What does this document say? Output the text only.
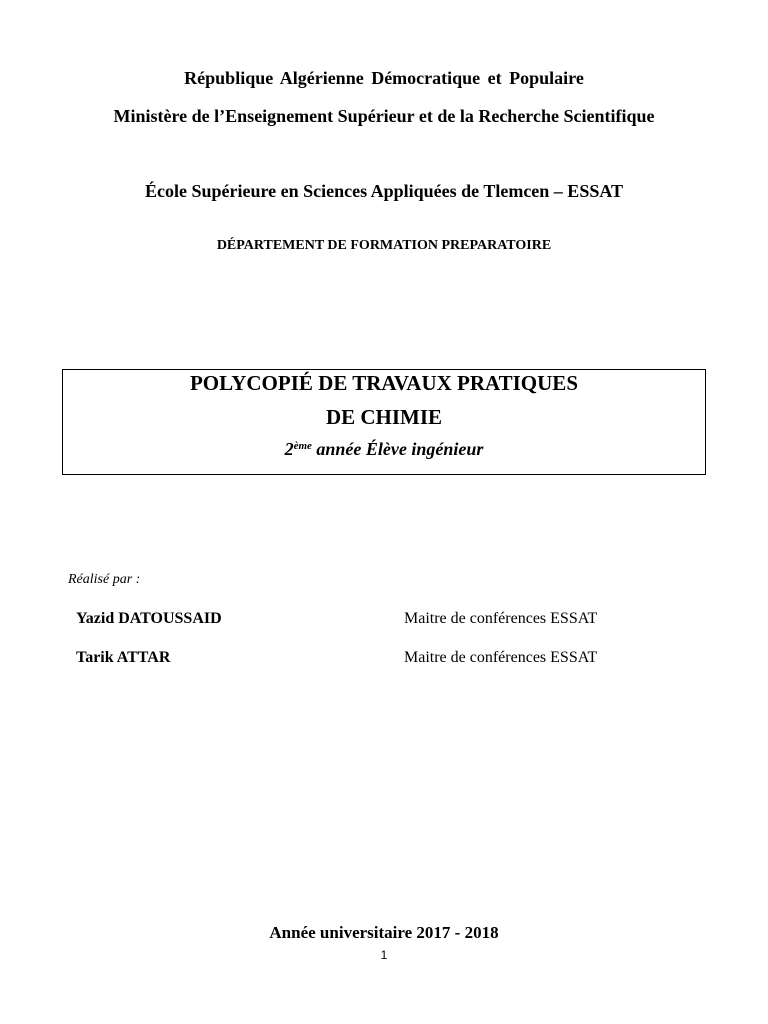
République Algérienne Démocratique et Populaire
Ministère de l’Enseignement Supérieur et de la Recherche Scientifique
École Supérieure en Sciences Appliquées de Tlemcen – ESSAT
DÉPARTEMENT DE FORMATION PREPARATOIRE
POLYCOPIÉ DE TRAVAUX PRATIQUES
DE CHIMIE
2ème année Élève ingénieur
Réalisé par :
Yazid DATOUSSAID	Maitre de conférences ESSAT
Tarik ATTAR	Maitre de conférences ESSAT
Année universitaire 2017 - 2018
1
